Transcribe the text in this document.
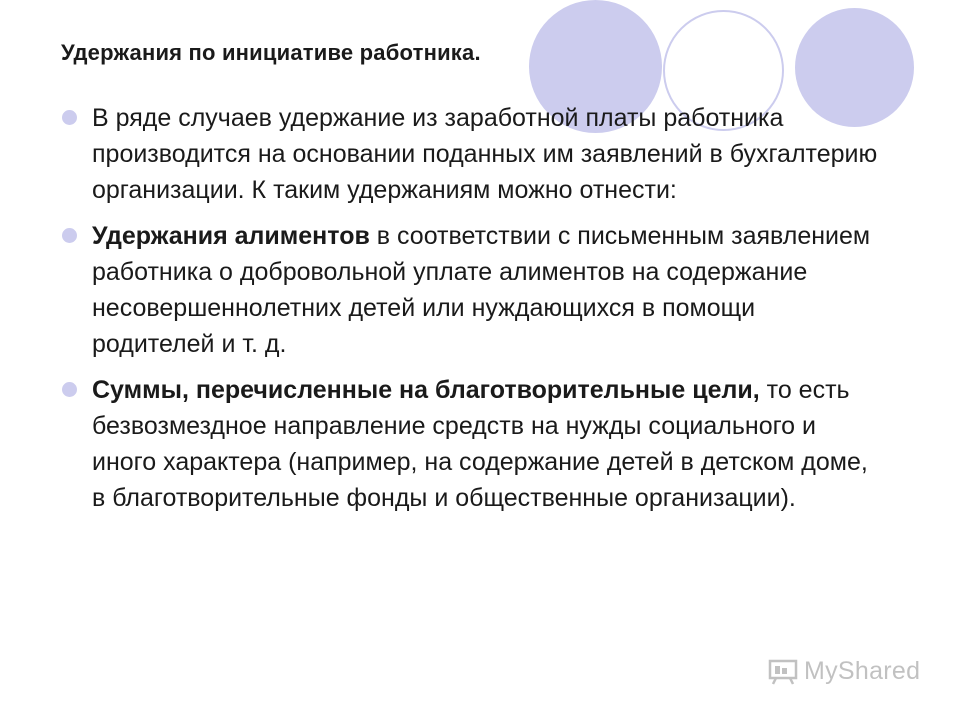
Удержания по инициативе работника.
В ряде случаев удержание из заработной платы работника производится на основании поданных им заявлений в бухгалтерию организации. К таким удержаниям можно отнести:
Удержания алиментов в соответствии с письменным заявлением работника о добровольной уплате алиментов на содержание несовершеннолетних детей или нуждающихся в помощи родителей и т. д.
Суммы, перечисленные на благотворительные цели, то есть безвозмездное направление средств на нужды социального и иного характера (например, на содержание детей в детском доме, в благотворительные фонды и общественные организации).
MyShared
